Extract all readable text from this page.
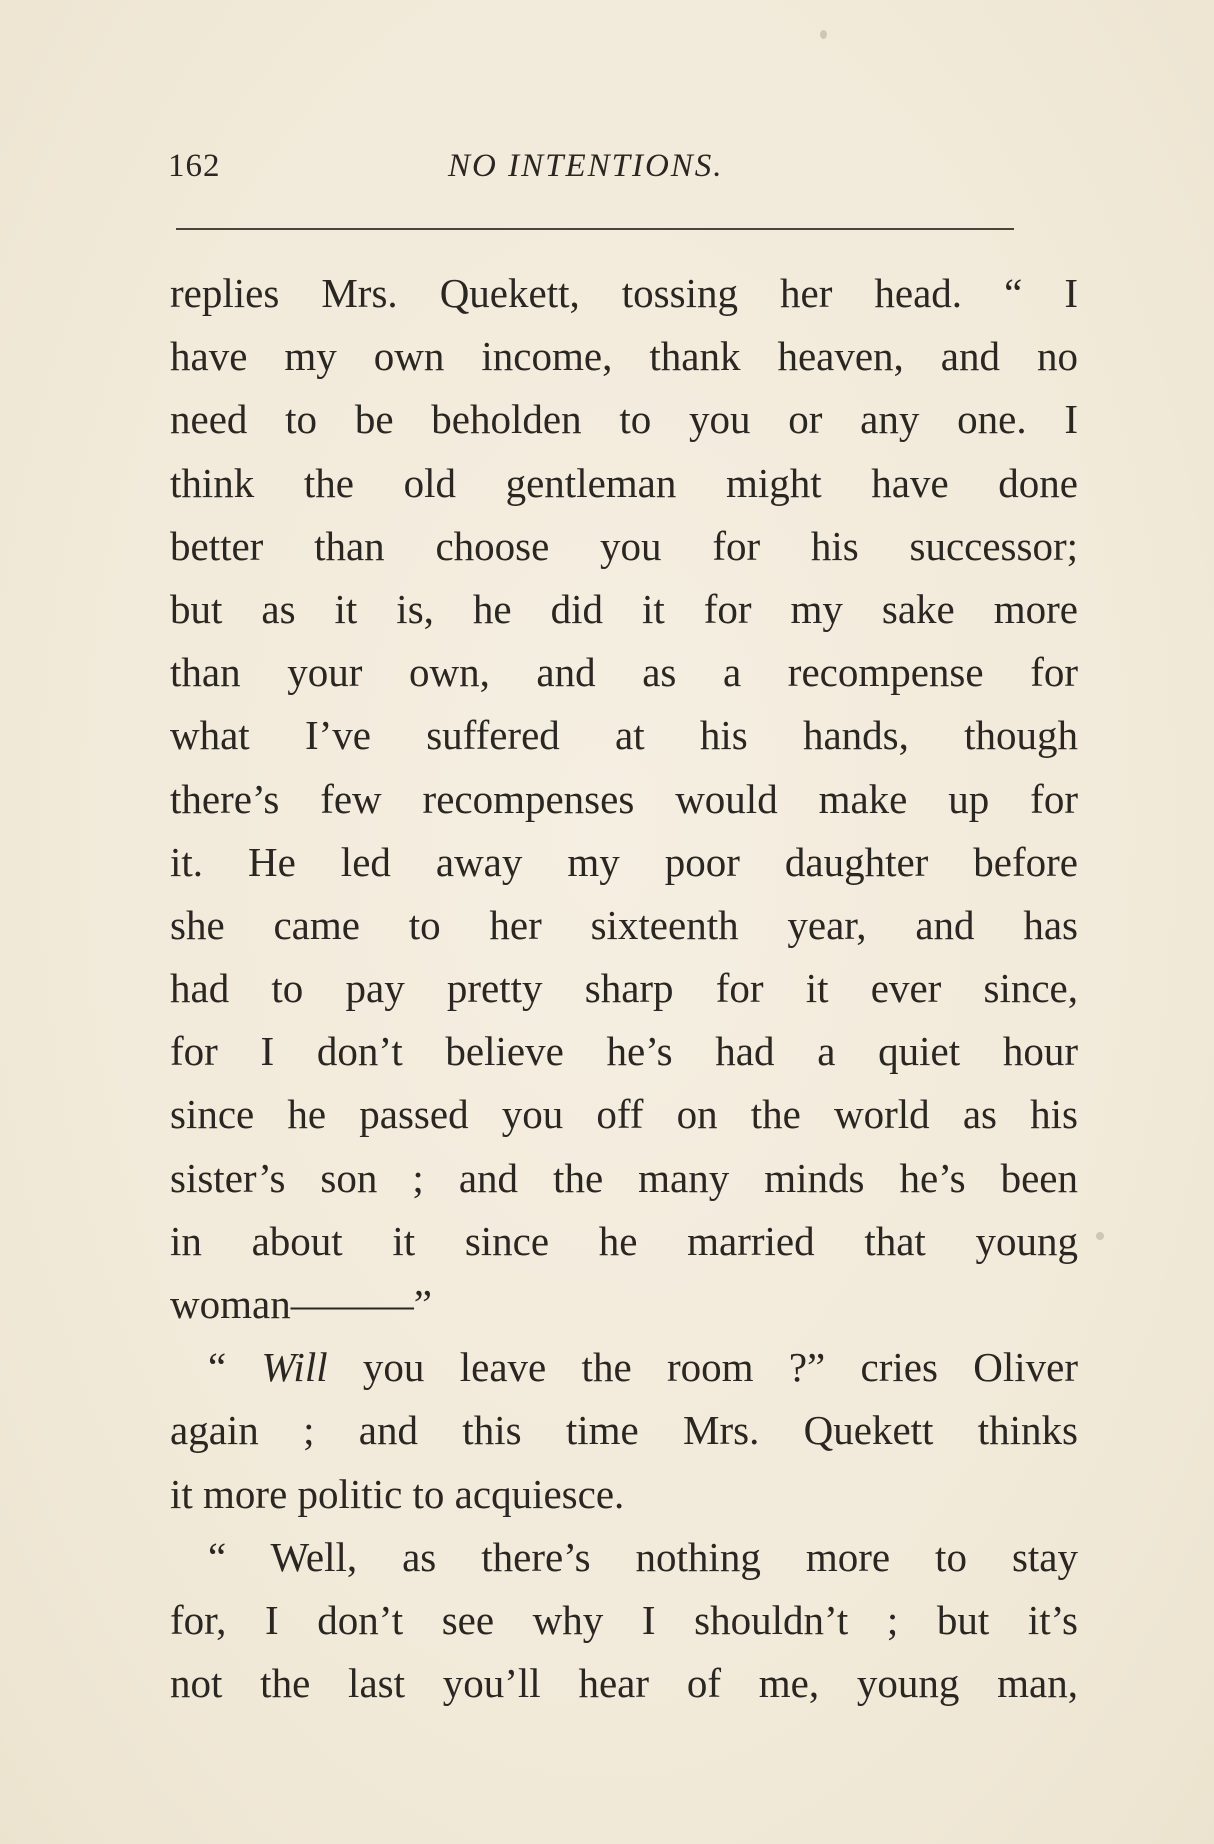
162	NO INTENTIONS.
replies Mrs. Quekett, tossing her head. “ I
have my own income, thank heaven, and no
need to be beholden to you or any one. I
think the old gentleman might have done
better than choose you for his successor;
but as it is, he did it for my sake more
than your own, and as a recompense for
what I’ve suffered at his hands, though
there’s few recompenses would make up for
it. He led away my poor daughter before
she came to her sixteenth year, and has
had to pay pretty sharp for it ever since,
for I don’t believe he’s had a quiet hour
since he passed you off on the world as his
sister’s son ; and the many minds he’s been
in about it since he married that young
woman———”
“ Will you leave the room ?” cries Oliver
again ; and this time Mrs. Quekett thinks
it more politic to acquiesce.
“ Well, as there’s nothing more to stay
for, I don’t see why I shouldn’t ; but it’s
not the last you’ll hear of me, young man,
